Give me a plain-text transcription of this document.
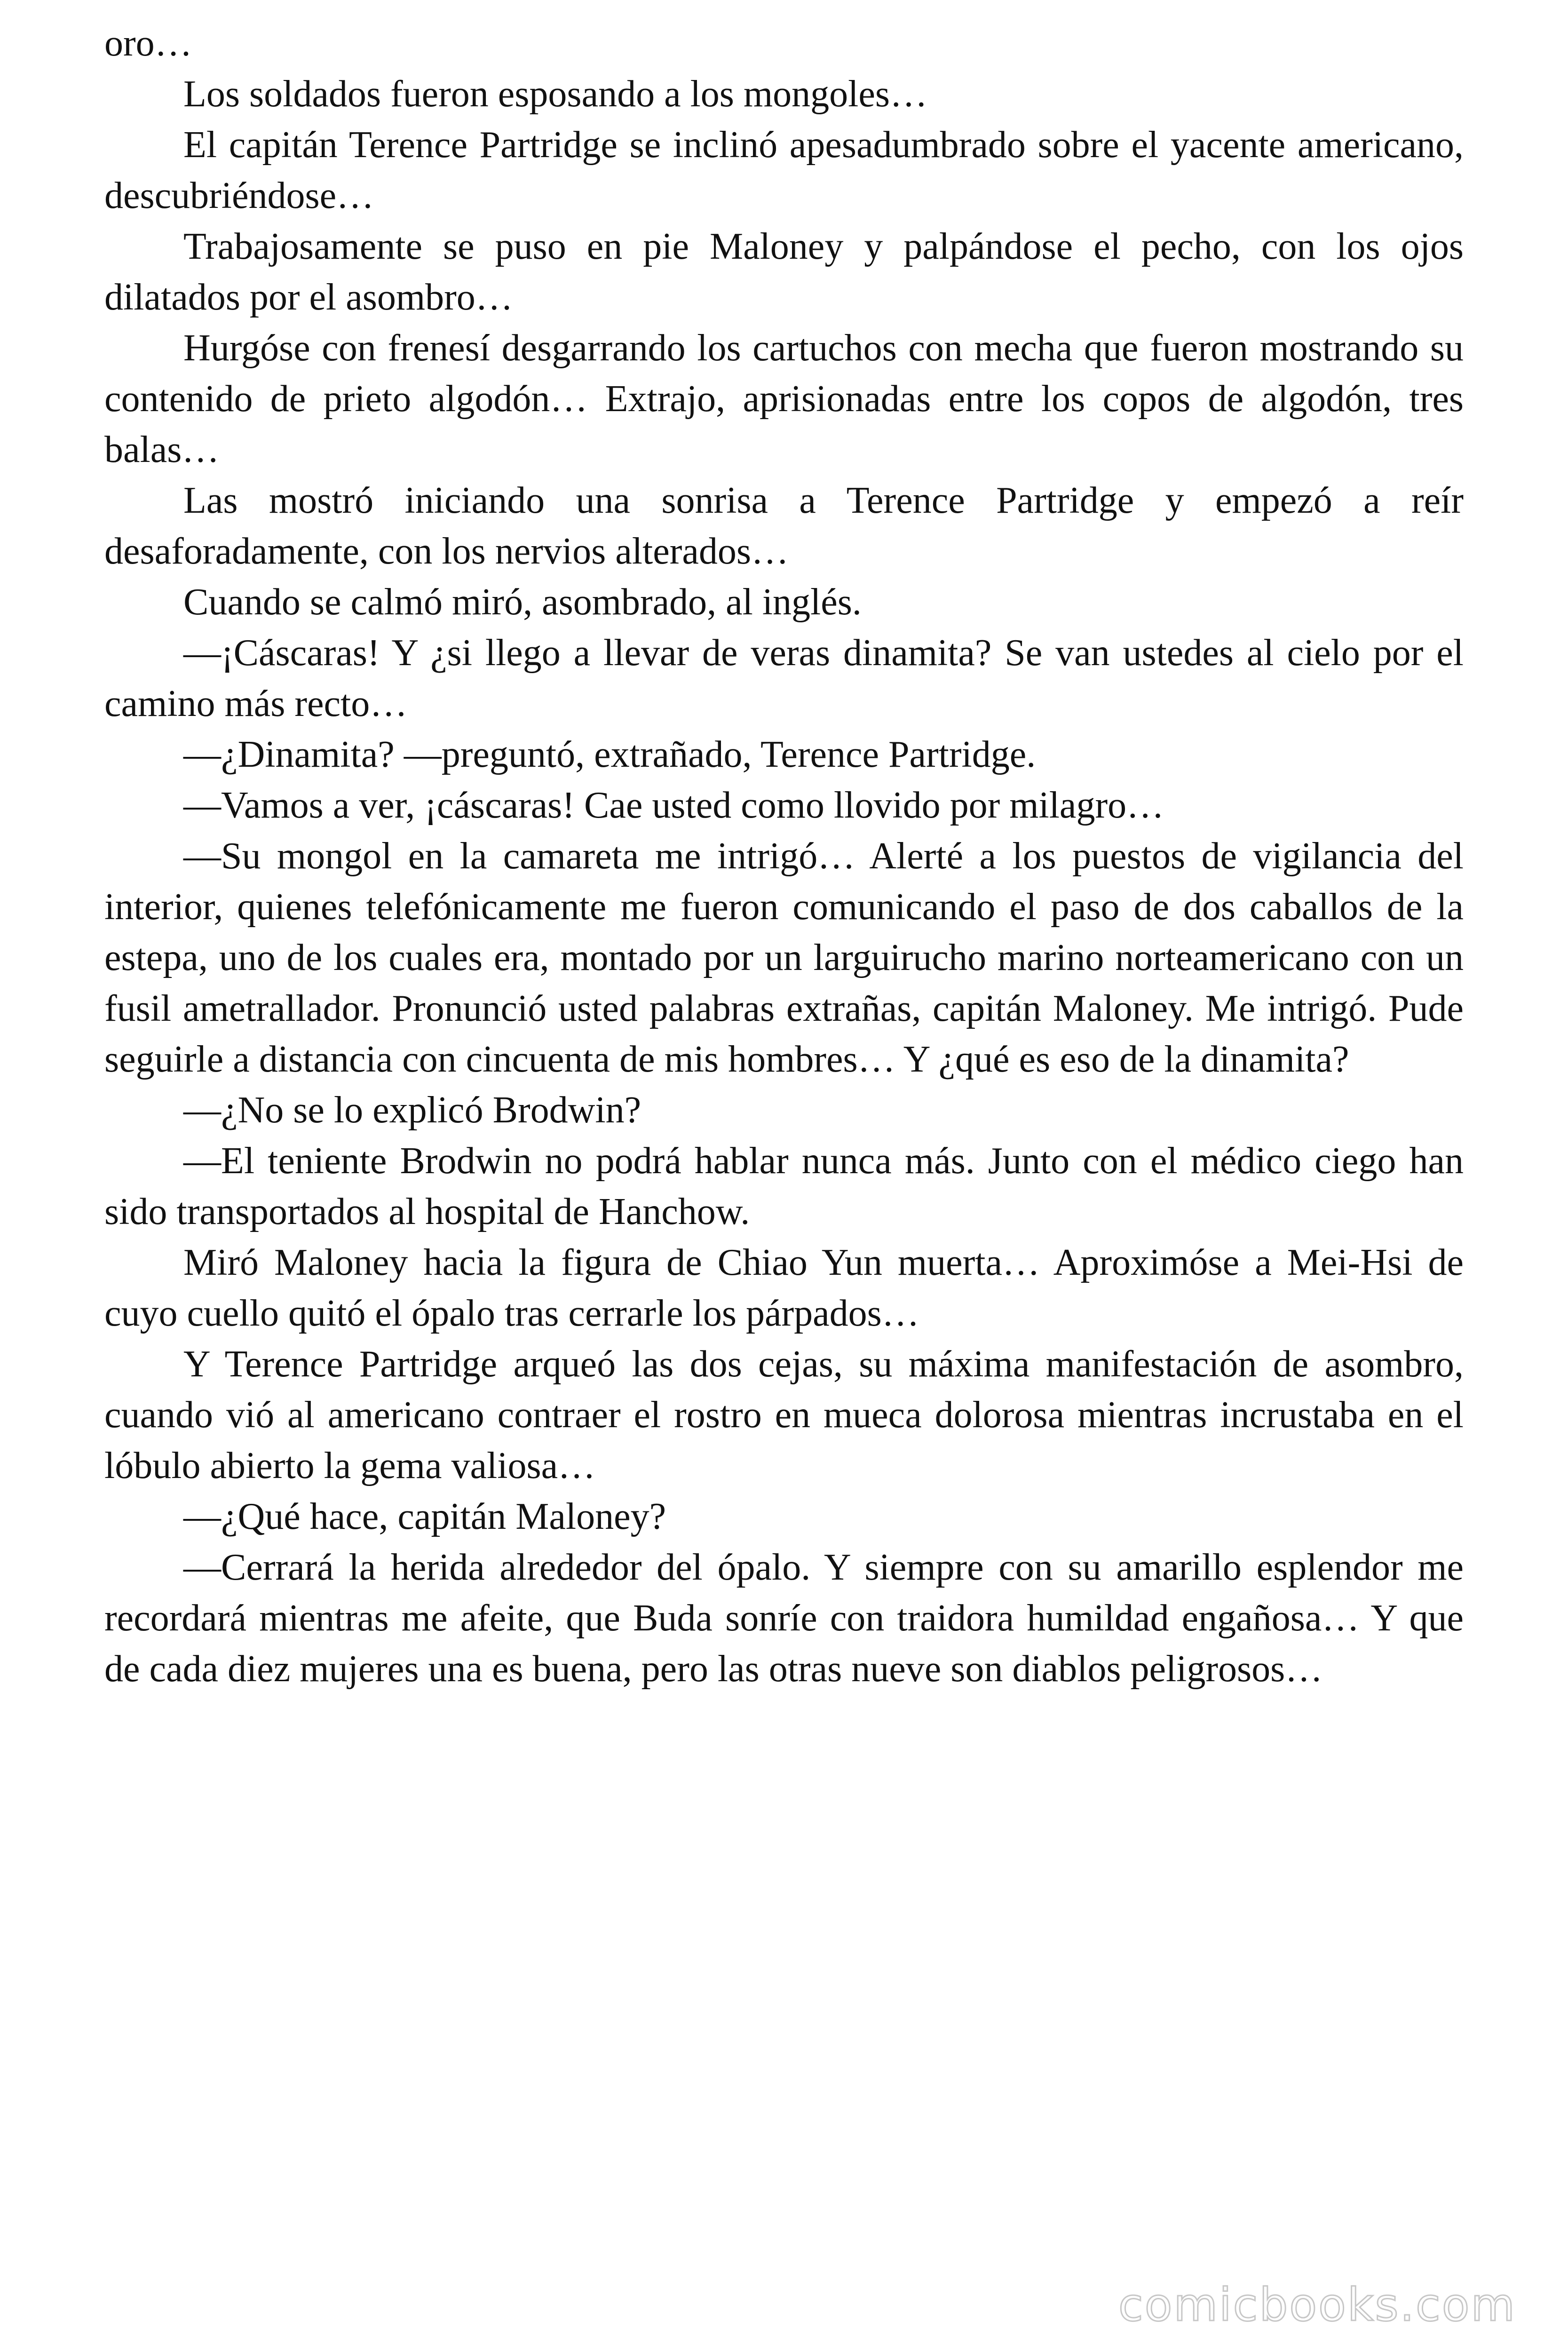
oro…

Los soldados fueron esposando a los mongoles…

El capitán Terence Partridge se inclinó apesadumbrado sobre el yacente americano, descubriéndose…

Trabajosamente se puso en pie Maloney y palpándose el pecho, con los ojos dilatados por el asombro…

Hurgóse con frenesí desgarrando los cartuchos con mecha que fueron mostrando su contenido de prieto algodón… Extrajo, aprisionadas entre los copos de algodón, tres balas…

Las mostró iniciando una sonrisa a Terence Partridge y empezó a reír desaforadamente, con los nervios alterados…

Cuando se calmó miró, asombrado, al inglés.

—¡Cáscaras! Y ¿si llego a llevar de veras dinamita? Se van ustedes al cielo por el camino más recto…

—¿Dinamita? —preguntó, extrañado, Terence Partridge.

—Vamos a ver, ¡cáscaras! Cae usted como llovido por milagro…

—Su mongol en la camareta me intrigó… Alerté a los puestos de vigilancia del interior, quienes telefónicamente me fueron comunicando el paso de dos caballos de la estepa, uno de los cuales era, montado por un larguirucho marino norteamericano con un fusil ametrallador. Pronunció usted palabras extrañas, capitán Maloney. Me intrigó. Pude seguirle a distancia con cincuenta de mis hombres… Y ¿qué es eso de la dinamita?

—¿No se lo explicó Brodwin?

—El teniente Brodwin no podrá hablar nunca más. Junto con el médico ciego han sido transportados al hospital de Hanchow.

Miró Maloney hacia la figura de Chiao Yun muerta… Aproximóse a Mei-Hsi de cuyo cuello quitó el ópalo tras cerrarle los párpados…

Y Terence Partridge arqueó las dos cejas, su máxima manifestación de asombro, cuando vió al americano contraer el rostro en mueca dolorosa mientras incrustaba en el lóbulo abierto la gema valiosa…

—¿Qué hace, capitán Maloney?

—Cerrará la herida alrededor del ópalo. Y siempre con su amarillo esplendor me recordará mientras me afeite, que Buda sonríe con traidora humildad engañosa… Y que de cada diez mujeres una es buena, pero las otras nueve son diablos peligrosos…

comicbooks.com
